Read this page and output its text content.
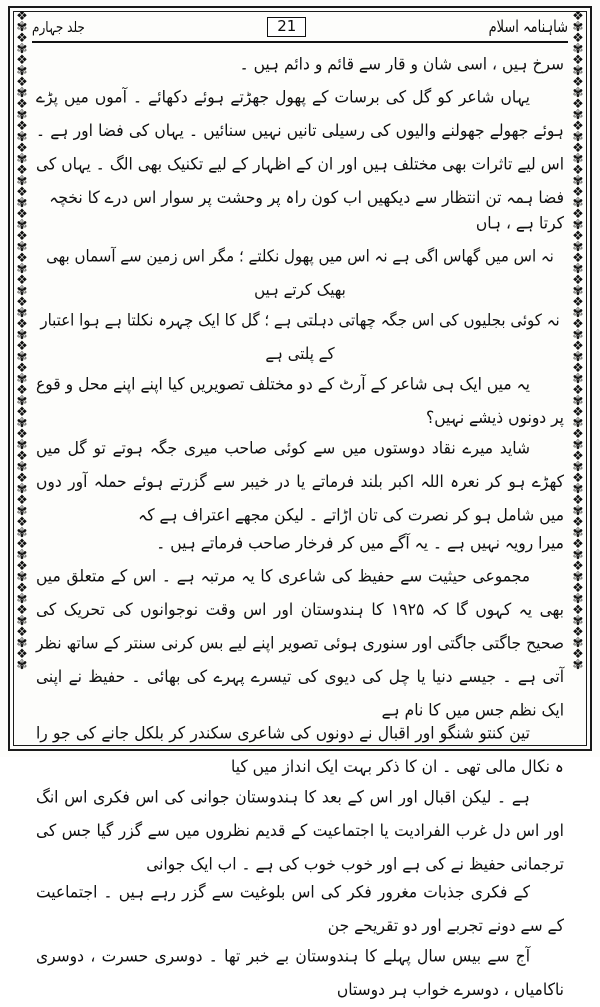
❖✾❖✾❖✾❖✾❖✾❖✾❖✾❖✾❖✾❖✾❖✾❖✾❖✾❖✾❖✾❖✾❖✾❖✾❖✾❖✾❖✾❖✾❖✾❖✾❖✾❖✾❖✾❖✾❖✾❖✾
❖✾❖✾❖✾❖✾❖✾❖✾❖✾❖✾❖✾❖✾❖✾❖✾❖✾❖✾❖✾❖✾❖✾❖✾❖✾❖✾❖✾❖✾❖✾❖✾❖✾❖✾❖✾❖✾❖✾❖✾
شاہنامہ اسلام
21
جلد جہارم

سرخ ہیں ، اسی شان و قار سے قائم و دائم ہیں ۔

یہاں شاعر کو گل کی برسات کے پھول جھڑتے ہوئے دکھائے ۔ آموں میں پڑے ہوئے جھولے جھولنے والیوں کی رسیلی تانیں نہیں سنائیں ۔ یہاں کی فضا اور ہے ۔ اس لیے تاثرات بھی مختلف ہیں اور ان کے اظہار کے لیے تکنیک بھی الگ ۔ یہاں کی فضا ہمہ تن انتظار سے دیکھیں اب کون راہ پر وحشت پر سوار اس درے کا نخچہ

کرتا ہے ، ہاں

نہ اس میں گھاس اگی ہے نہ اس میں پھول نکلتے ؛ مگر اس زمین سے آسماں بھی بھیک کرتے ہیں

نہ کوئی بجلیوں کی اس جگہ چھاتی دہلتی ہے ؛ گل کا ایک چہرہ نکلتا ہے ہوا اعتبار کے پلتی ہے

یہ میں ایک ہی شاعر کے آرٹ کے دو مختلف تصویریں کیا اپنے اپنے محل و قوع پر دونوں ذیشے نہیں؟

شاید میرے نقاد دوستوں میں سے کوئی صاحب میری جگہ ہوتے تو گل میں کھڑے ہو کر نعرہ اللہ اکبر بلند فرماتے یا در خیبر سے گزرتے ہوئے حملہ آور دوں میں شامل ہو کر نصرت کی تان اڑاتے ۔ لیکن مجھے اعتراف ہے کہ

میرا رویہ نہیں ہے ۔ یہ آگے میں کر فرخار صاحب فرماتے ہیں ۔

مجموعی حیثیت سے حفیظ کی شاعری کا یہ مرتبہ ہے ۔ اس کے متعلق میں بھی یہ کہوں گا کہ ۱۹۲۵ کا ہندوستان اور اس وقت نوجوانوں کی تحریک کی صحیح جاگتی جاگتی اور سنوری ہوئی تصویر اپنے لیے بس کرنی سنتر کے ساتھ نظر آتی ہے ۔ جیسے دنیا یا چل کی دیوی کی تیسرے پہرے کی بھائی ۔ حفیظ نے اپنی ایک نظم جس میں کا نام ہے

تین کنتو شنگو اور اقبال نے دونوں کی شاعری سکندر کر بلکل جانے کی جو را ہ نکال مالی تھی ۔ ان کا ذکر بہت ایک انداز میں کیا

ہے ۔ لیکن اقبال اور اس کے بعد کا ہندوستان جوانی کی اس فکری اس انگ اور اس دل غرب الفرادیت یا اجتماعیت کے قدیم نظروں میں سے گزر گیا جس کی ترجمانی حفیظ نے کی ہے اور خوب خوب کی ہے ۔ اب ایک جوانی

کے فکری جذبات مغرور فکر کی اس بلوغیت سے گزر رہے ہیں ۔ اجتماعیت کے سے دونے تجربے اور دو تقریحے جن

آج سے بیس سال پہلے کا ہندوستان بے خبر تھا ۔ دوسری حسرت ، دوسری ناکامیاں ، دوسرے خواب ہر دوستاں
